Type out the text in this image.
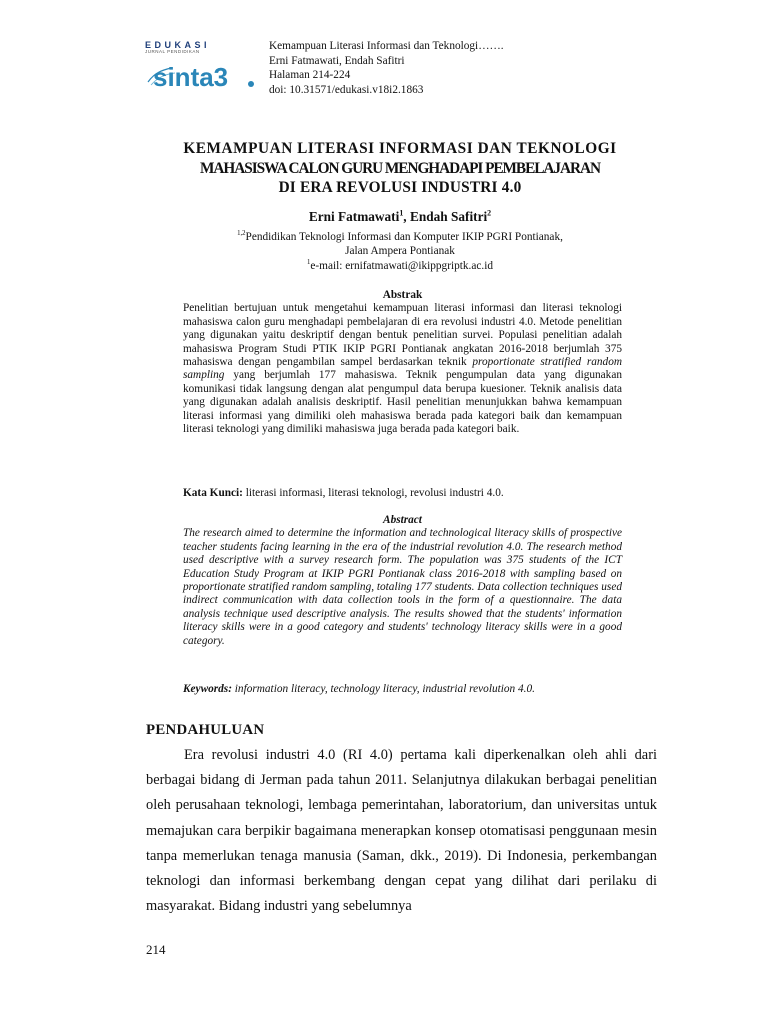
EDUKASI
JURNAL PENDIDIKAN
sinta3
Kemampuan Literasi Informasi dan Teknologi…….
Erni Fatmawati, Endah Safitri
Halaman 214-224
doi: 10.31571/edukasi.v18i2.1863
KEMAMPUAN LITERASI INFORMASI DAN TEKNOLOGI
MAHASISWA CALON GURU MENGHADAPI PEMBELAJARAN
DI ERA REVOLUSI INDUSTRI 4.0
Erni Fatmawati$^1$, Endah Safitri$^2$
$^{1,2}$Pendidikan Teknologi Informasi dan Komputer IKIP PGRI Pontianak,
Jalan Ampera Pontianak
$^1$e-mail: ernifatmawati@ikippgriptk.ac.id
Abstrak
Penelitian bertujuan untuk mengetahui kemampuan literasi informasi dan literasi teknologi mahasiswa calon guru menghadapi pembelajaran di era revolusi industri 4.0. Metode penelitian yang digunakan yaitu deskriptif dengan bentuk penelitian survei. Populasi penelitian adalah mahasiswa Program Studi PTIK IKIP PGRI Pontianak angkatan 2016-2018 berjumlah 375 mahasiswa dengan pengambilan sampel berdasarkan teknik proportionate stratified random sampling yang berjumlah 177 mahasiswa. Teknik pengumpulan data yang digunakan komunikasi tidak langsung dengan alat pengumpul data berupa kuesioner. Teknik analisis data yang digunakan adalah analisis deskriptif. Hasil penelitian menunjukkan bahwa kemampuan literasi informasi yang dimiliki oleh mahasiswa berada pada kategori baik dan kemampuan literasi teknologi yang dimiliki mahasiswa juga berada pada kategori baik.
Kata Kunci: literasi informasi, literasi teknologi, revolusi industri 4.0.
Abstract
The research aimed to determine the information and technological literacy skills of prospective teacher students facing learning in the era of the industrial revolution 4.0. The research method used descriptive with a survey research form. The population was 375 students of the ICT Education Study Program at IKIP PGRI Pontianak class 2016-2018 with sampling based on proportionate stratified random sampling, totaling 177 students. Data collection techniques used indirect communication with data collection tools in the form of a questionnaire. The data analysis technique used descriptive analysis. The results showed that the students' information literacy skills were in a good category and students' technology literacy skills were in a good category.
Keywords: information literacy, technology literacy, industrial revolution 4.0.
PENDAHULUAN
Era revolusi industri 4.0 (RI 4.0) pertama kali diperkenalkan oleh ahli dari berbagai bidang di Jerman pada tahun 2011. Selanjutnya dilakukan berbagai penelitian oleh perusahaan teknologi, lembaga pemerintahan, laboratorium, dan universitas untuk memajukan cara berpikir bagaimana menerapkan konsep otomatisasi penggunaan mesin tanpa memerlukan tenaga manusia (Saman, dkk., 2019). Di Indonesia, perkembangan teknologi dan informasi berkembang dengan cepat yang dilihat dari perilaku di masyarakat. Bidang industri yang sebelumnya
214
